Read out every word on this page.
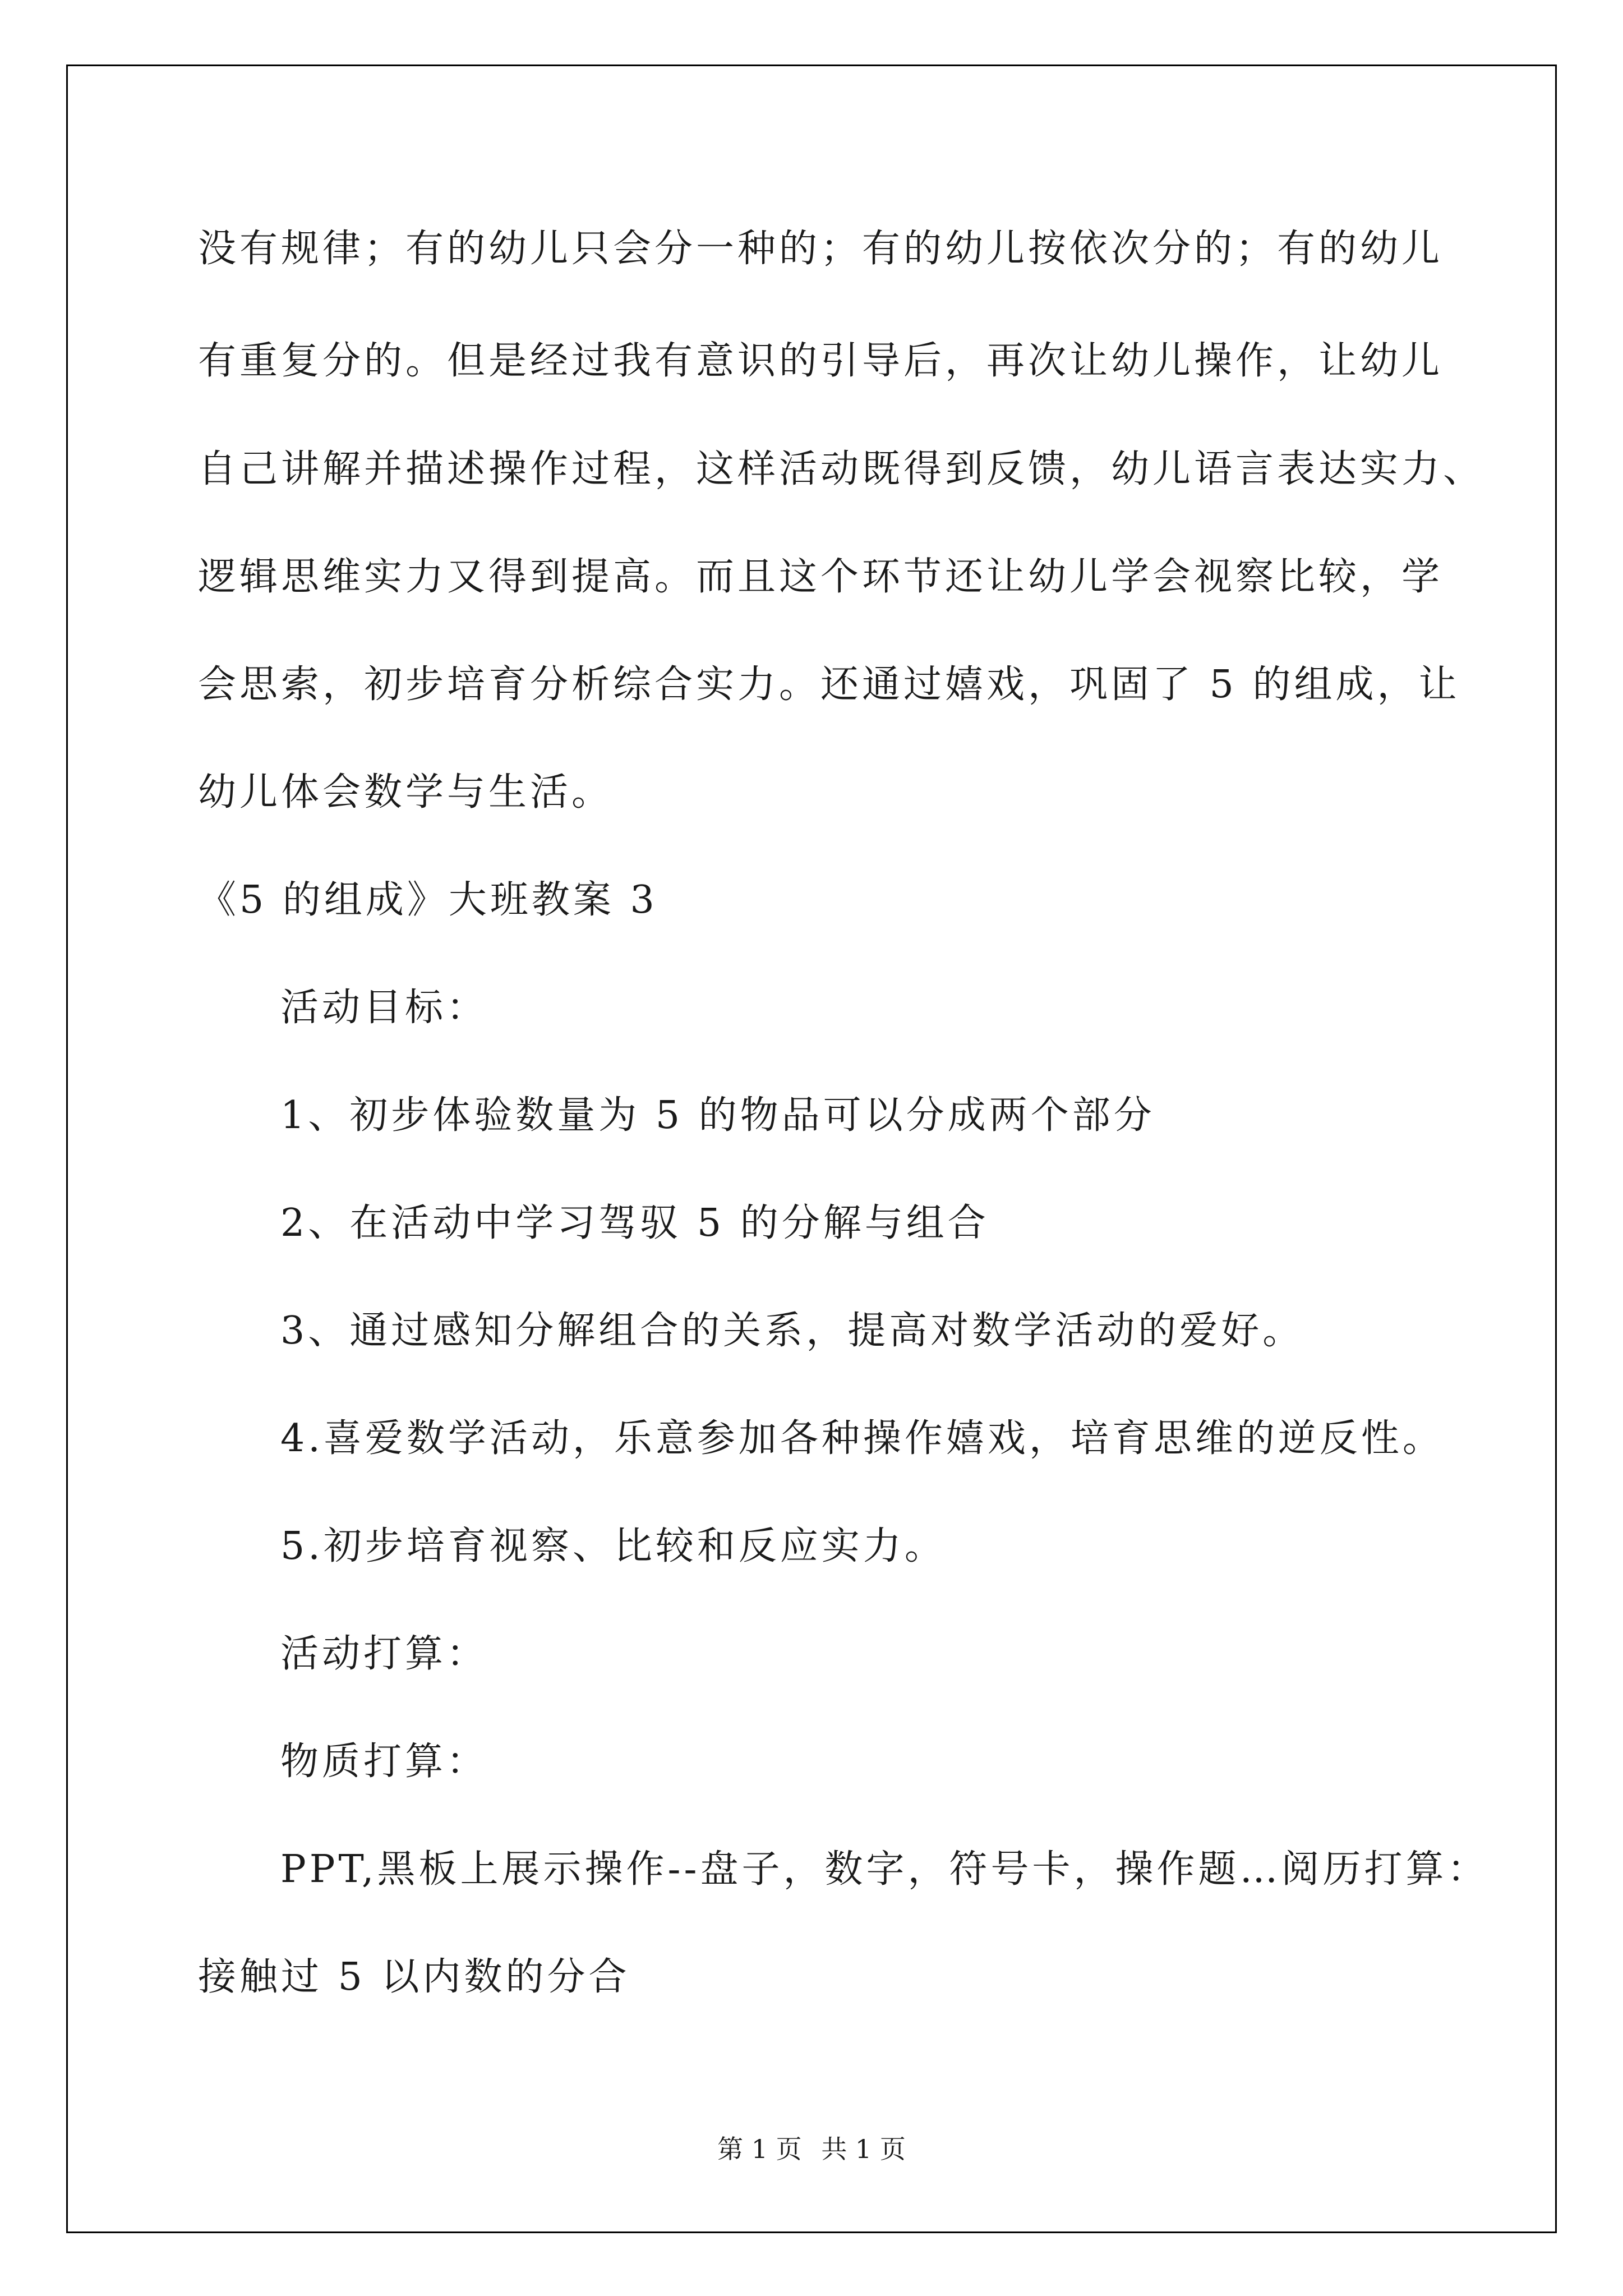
没有规律；有的幼儿只会分一种的；有的幼儿按依次分的；有的幼儿
有重复分的。但是经过我有意识的引导后，再次让幼儿操作，让幼儿
自己讲解并描述操作过程，这样活动既得到反馈，幼儿语言表达实力、
逻辑思维实力又得到提高。而且这个环节还让幼儿学会视察比较，学
会思索，初步培育分析综合实力。还通过嬉戏，巩固了 5 的组成，让
幼儿体会数学与生活。
《5 的组成》大班教案 3
活动目标：
1、初步体验数量为 5 的物品可以分成两个部分
2、在活动中学习驾驭 5 的分解与组合
3、通过感知分解组合的关系，提高对数学活动的爱好。
4.喜爱数学活动，乐意参加各种操作嬉戏，培育思维的逆反性。
5.初步培育视察、比较和反应实力。
活动打算：
物质打算：
PPT,黑板上展示操作--盘子，数字，符号卡，操作题…阅历打算：
接触过 5 以内数的分合
第 1 页 共 1 页
